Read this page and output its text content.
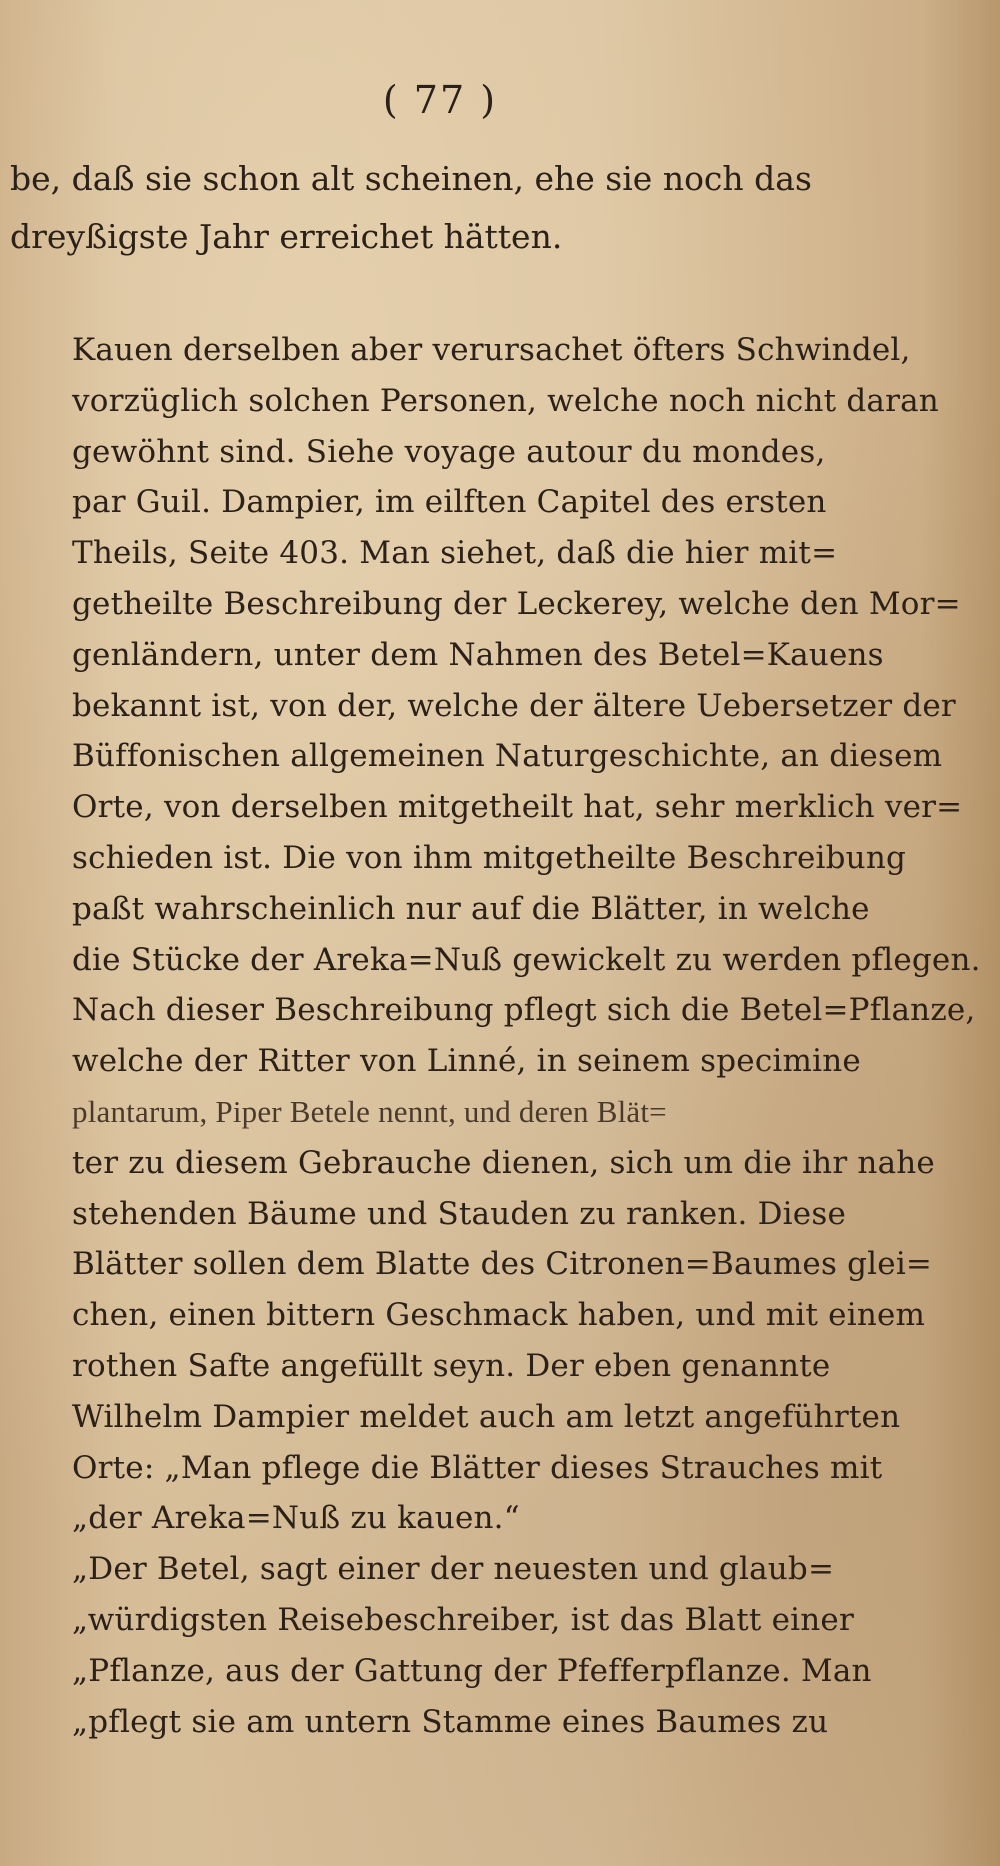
( 77 )
be, daß sie schon alt scheinen, ehe sie noch das
dreyßigste Jahr erreichet hätten.
Kauen derselben aber verursachet öfters Schwindel,
vorzüglich solchen Personen, welche noch nicht daran
gewöhnt sind. Siehe voyage autour du mondes,
par Guil. Dampier, im eilften Capitel des ersten
Theils, Seite 403. Man siehet, daß die hier mit=
getheilte Beschreibung der Leckerey, welche den Mor=
genländern, unter dem Nahmen des Betel=Kauens
bekannt ist, von der, welche der ältere Uebersetzer der
Büffonischen allgemeinen Naturgeschichte, an diesem
Orte, von derselben mitgetheilt hat, sehr merklich ver=
schieden ist. Die von ihm mitgetheilte Beschreibung
paßt wahrscheinlich nur auf die Blätter, in welche
die Stücke der Areka=Nuß gewickelt zu werden pflegen.
Nach dieser Beschreibung pflegt sich die Betel=Pflanze,
welche der Ritter von Linné, in seinem specimine
plantarum, Piper Betele nennt, und deren Blät=
ter zu diesem Gebrauche dienen, sich um die ihr nahe
stehenden Bäume und Stauden zu ranken. Diese
Blätter sollen dem Blatte des Citronen=Baumes glei=
chen, einen bittern Geschmack haben, und mit einem
rothen Safte angefüllt seyn. Der eben genannte
Wilhelm Dampier meldet auch am letzt angeführten
Orte: „Man pflege die Blätter dieses Strauches mit
„der Areka=Nuß zu kauen.“
„Der Betel, sagt einer der neuesten und glaub=
„würdigsten Reisebeschreiber, ist das Blatt einer
„Pflanze, aus der Gattung der Pfefferpflanze. Man
„pflegt sie am untern Stamme eines Baumes zu
